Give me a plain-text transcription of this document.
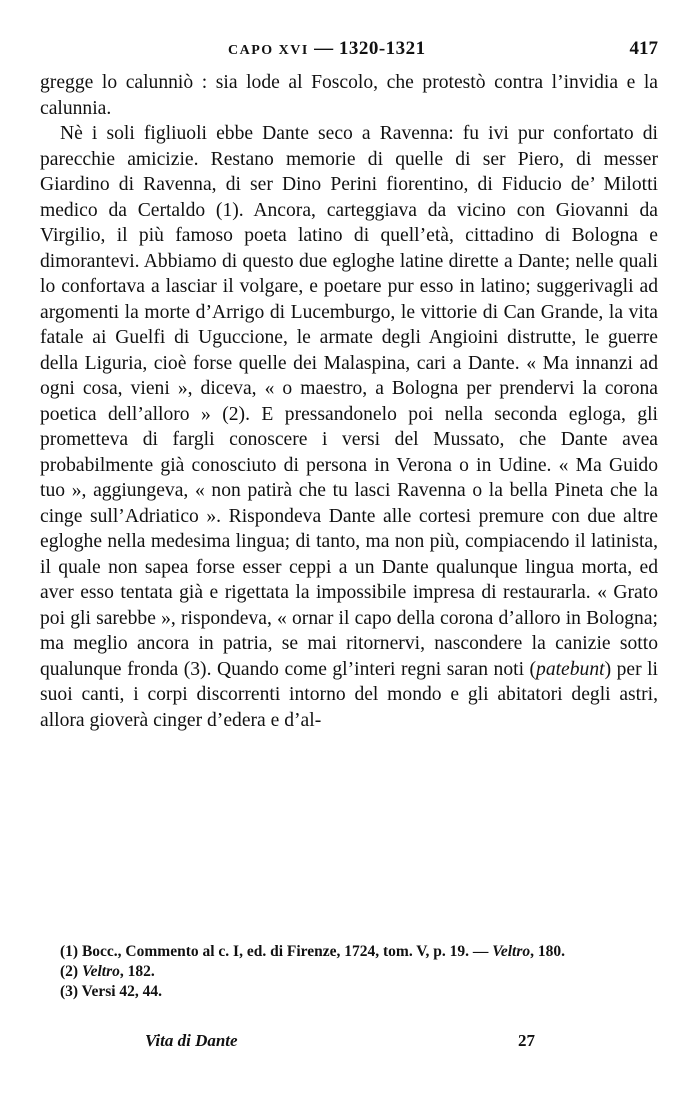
CAPO XVI — 1320-1321	417

gregge lo calunniò : sia lode al Foscolo, che protestò contra l’invidia e la calunnia.

Nè i soli figliuoli ebbe Dante seco a Ravenna: fu ivi pur confortato di parecchie amicizie. Restano memorie di quelle di ser Piero, di messer Giardino di Ravenna, di ser Dino Perini fiorentino, di Fiducio de’ Milotti medico da Certaldo (1). Ancora, carteggiava da vicino con Giovanni da Virgilio, il più famoso poeta latino di quell’età, cittadino di Bologna e dimorantevi. Abbiamo di questo due egloghe latine dirette a Dante; nelle quali lo confortava a lasciar il volgare, e poetare pur esso in latino; suggerivagli ad argomenti la morte d’Arrigo di Lucemburgo, le vittorie di Can Grande, la vita fatale ai Guelfi di Uguccione, le armate degli Angioini distrutte, le guerre della Liguria, cioè forse quelle dei Malaspina, cari a Dante. « Ma innanzi ad ogni cosa, vieni », diceva, « o maestro, a Bologna per prendervi la corona poetica dell’alloro » (2). E pressandonelo poi nella seconda egloga, gli prometteva di fargli conoscere i versi del Mussato, che Dante avea probabilmente già conosciuto di persona in Verona o in Udine. « Ma Guido tuo », aggiungeva, « non patirà che tu lasci Ravenna o la bella Pineta che la cinge sull’Adriatico ». Rispondeva Dante alle cortesi premure con due altre egloghe nella medesima lingua; di tanto, ma non più, compiacendo il latinista, il quale non sapea forse esser ceppi a un Dante qualunque lingua morta, ed aver esso tentata già e rigettata la impossibile impresa di restaurarla. « Grato poi gli sarebbe », rispondeva, « ornar il capo della corona d’alloro in Bologna; ma meglio ancora in patria, se mai ritornervi, nascondere la canizie sotto qualunque fronda (3). Quando come gl’interi regni saran noti (patebunt) per li suoi canti, i corpi discorrenti intorno del mondo e gli abitatori degli astri, allora gioverà cinger d’edera e d’al-

(1) Bocc., Commento al c. I, ed. di Firenze, 1724, tom. V, p. 19. — Veltro, 180.

(2) Veltro, 182.

(3) Versi 42, 44.

Vita di Dante	27
